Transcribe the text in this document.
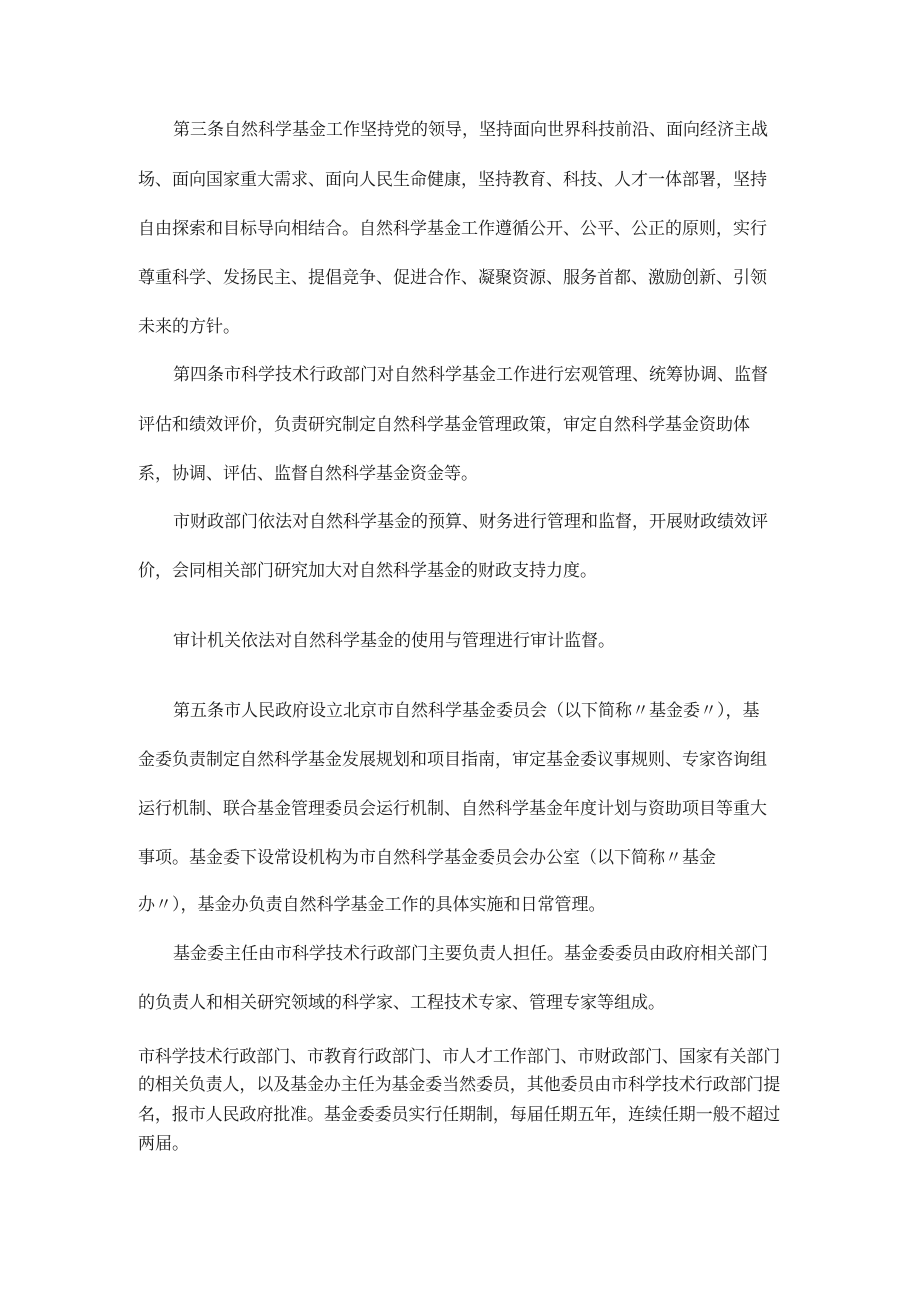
第三条自然科学基金工作坚持党的领导，坚持面向世界科技前沿、面向经济主战
场、面向国家重大需求、面向人民生命健康，坚持教育、科技、人才一体部署，坚持
自由探索和目标导向相结合。自然科学基金工作遵循公开、公平、公正的原则，实行
尊重科学、发扬民主、提倡竞争、促进合作、凝聚资源、服务首都、激励创新、引领
未来的方针。
第四条市科学技术行政部门对自然科学基金工作进行宏观管理、统筹协调、监督
评估和绩效评价，负责研究制定自然科学基金管理政策，审定自然科学基金资助体
系，协调、评估、监督自然科学基金资金等。
市财政部门依法对自然科学基金的预算、财务进行管理和监督，开展财政绩效评
价，会同相关部门研究加大对自然科学基金的财政支持力度。
审计机关依法对自然科学基金的使用与管理进行审计监督。
第五条市人民政府设立北京市自然科学基金委员会（以下简称〃基金委〃），基
金委负责制定自然科学基金发展规划和项目指南，审定基金委议事规则、专家咨询组
运行机制、联合基金管理委员会运行机制、自然科学基金年度计划与资助项目等重大
事项。基金委下设常设机构为市自然科学基金委员会办公室（以下简称〃基金
办〃），基金办负责自然科学基金工作的具体实施和日常管理。
基金委主任由市科学技术行政部门主要负责人担任。基金委委员由政府相关部门
的负责人和相关研究领域的科学家、工程技术专家、管理专家等组成。
市科学技术行政部门、市教育行政部门、市人才工作部门、市财政部门、国家有关部门
的相关负责人，以及基金办主任为基金委当然委员，其他委员由市科学技术行政部门提
名，报市人民政府批准。基金委委员实行任期制，每届任期五年，连续任期一般不超过
两届。
